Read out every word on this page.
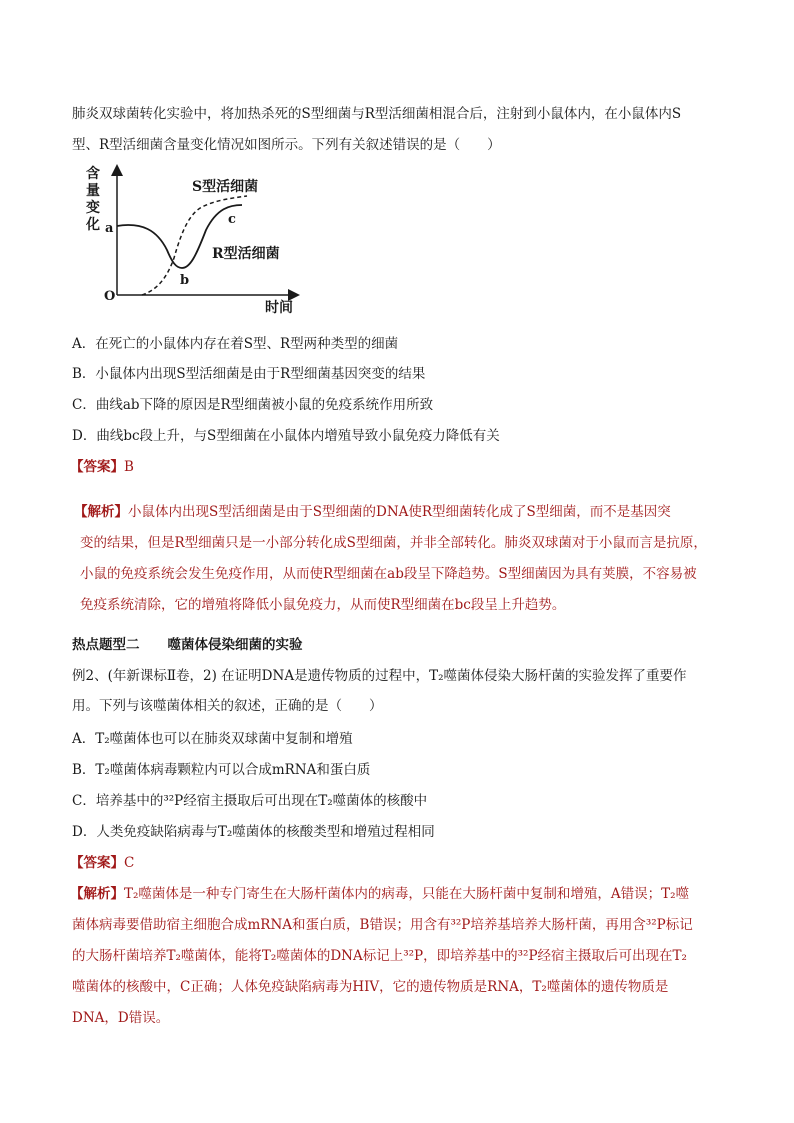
肺炎双球菌转化实验中，将加热杀死的S型细菌与R型活细菌相混合后，注射到小鼠体内，在小鼠体内S
型、R型活细菌含量变化情况如图所示。下列有关叙述错误的是（　　）
含 量 变 化
时间
O
a
b
c
S型活细菌
R型活细菌
A．在死亡的小鼠体内存在着S型、R型两种类型的细菌
B．小鼠体内出现S型活细菌是由于R型细菌基因突变的结果
C．曲线ab下降的原因是R型细菌被小鼠的免疫系统作用所致
D．曲线bc段上升，与S型细菌在小鼠体内增殖导致小鼠免疫力降低有关
【答案】B
【解析】小鼠体内出现S型活细菌是由于S型细菌的DNA使R型细菌转化成了S型细菌，而不是基因突
变的结果，但是R型细菌只是一小部分转化成S型细菌，并非全部转化。肺炎双球菌对于小鼠而言是抗原，
小鼠的免疫系统会发生免疫作用，从而使R型细菌在ab段呈下降趋势。S型细菌因为具有荚膜，不容易被
免疫系统清除，它的增殖将降低小鼠免疫力，从而使R型细菌在bc段呈上升趋势。
热点题型二 噬菌体侵染细菌的实验
例2、(年新课标Ⅱ卷，2) 在证明DNA是遗传物质的过程中，T₂噬菌体侵染大肠杆菌的实验发挥了重要作
用。下列与该噬菌体相关的叙述，正确的是（　　）
A．T₂噬菌体也可以在肺炎双球菌中复制和增殖
B．T₂噬菌体病毒颗粒内可以合成mRNA和蛋白质
C．培养基中的³²P经宿主摄取后可出现在T₂噬菌体的核酸中
D．人类免疫缺陷病毒与T₂噬菌体的核酸类型和增殖过程相同
【答案】C
【解析】T₂噬菌体是一种专门寄生在大肠杆菌体内的病毒，只能在大肠杆菌中复制和增殖，A错误；T₂噬
菌体病毒要借助宿主细胞合成mRNA和蛋白质，B错误；用含有³²P培养基培养大肠杆菌，再用含³²P标记
的大肠杆菌培养T₂噬菌体，能将T₂噬菌体的DNA标记上³²P，即培养基中的³²P经宿主摄取后可出现在T₂
噬菌体的核酸中，C正确；人体免疫缺陷病毒为HIV，它的遗传物质是RNA，T₂噬菌体的遗传物质是
DNA，D错误。
